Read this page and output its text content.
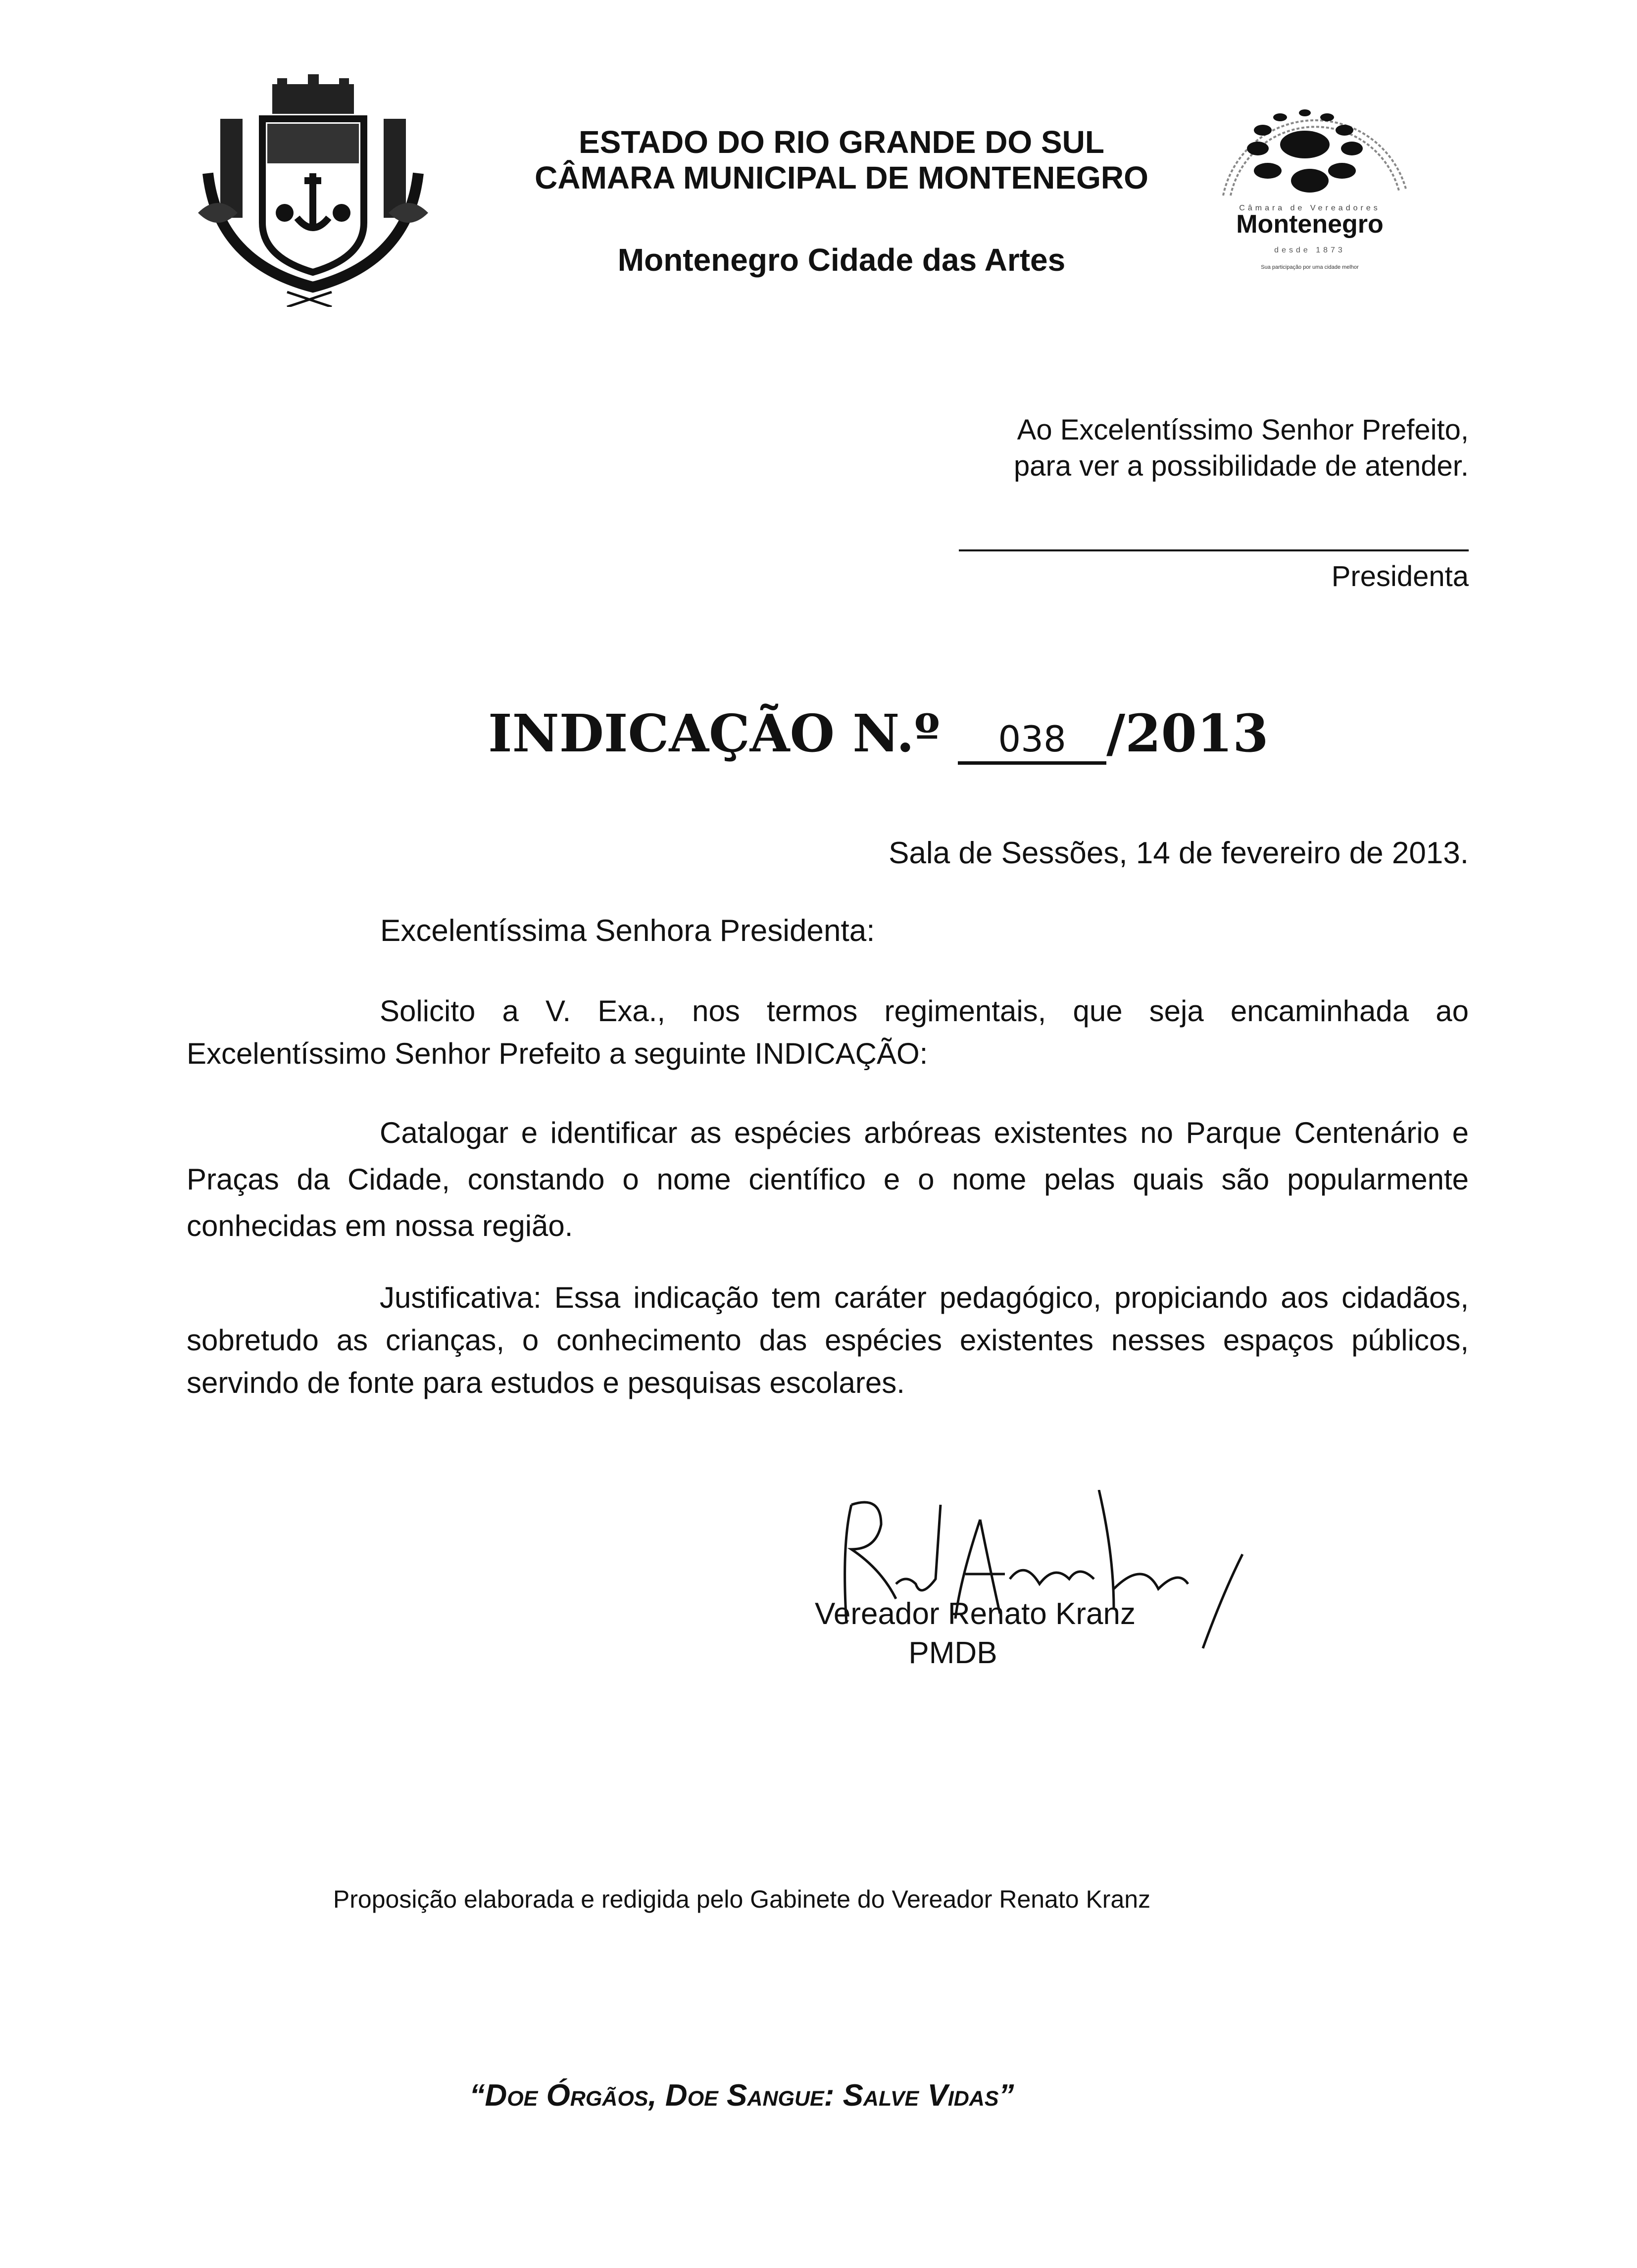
ESTADO DO RIO GRANDE DO SUL
CÂMARA MUNICIPAL DE MONTENEGRO
Montenegro Cidade das Artes
Câmara de Vereadores
Montenegro
desde 1873
Sua participação por uma cidade melhor
Ao Excelentíssimo Senhor Prefeito,
para ver a possibilidade de atender.
Presidenta
INDICAÇÃO N.º 038 /2013
Sala de Sessões, 14 de fevereiro de 2013.
Excelentíssima Senhora Presidenta:

Solicito a V. Exa., nos termos regimentais, que seja encaminhada ao Excelentíssimo Senhor Prefeito a seguinte INDICAÇÃO:

Catalogar e identificar as espécies arbóreas existentes no Parque Centenário e Praças da Cidade, constando o nome científico e o nome pelas quais são popularmente conhecidas em nossa região.

Justificativa: Essa indicação tem caráter pedagógico, propiciando aos cidadãos, sobretudo as crianças, o conhecimento das espécies existentes nesses espaços públicos, servindo de fonte para estudos e pesquisas escolares.

Vereador Renato Kranz
PMDB
Proposição elaborada e redigida pelo Gabinete do Vereador Renato Kranz
“Doe Órgãos, Doe Sangue: Salve Vidas”
